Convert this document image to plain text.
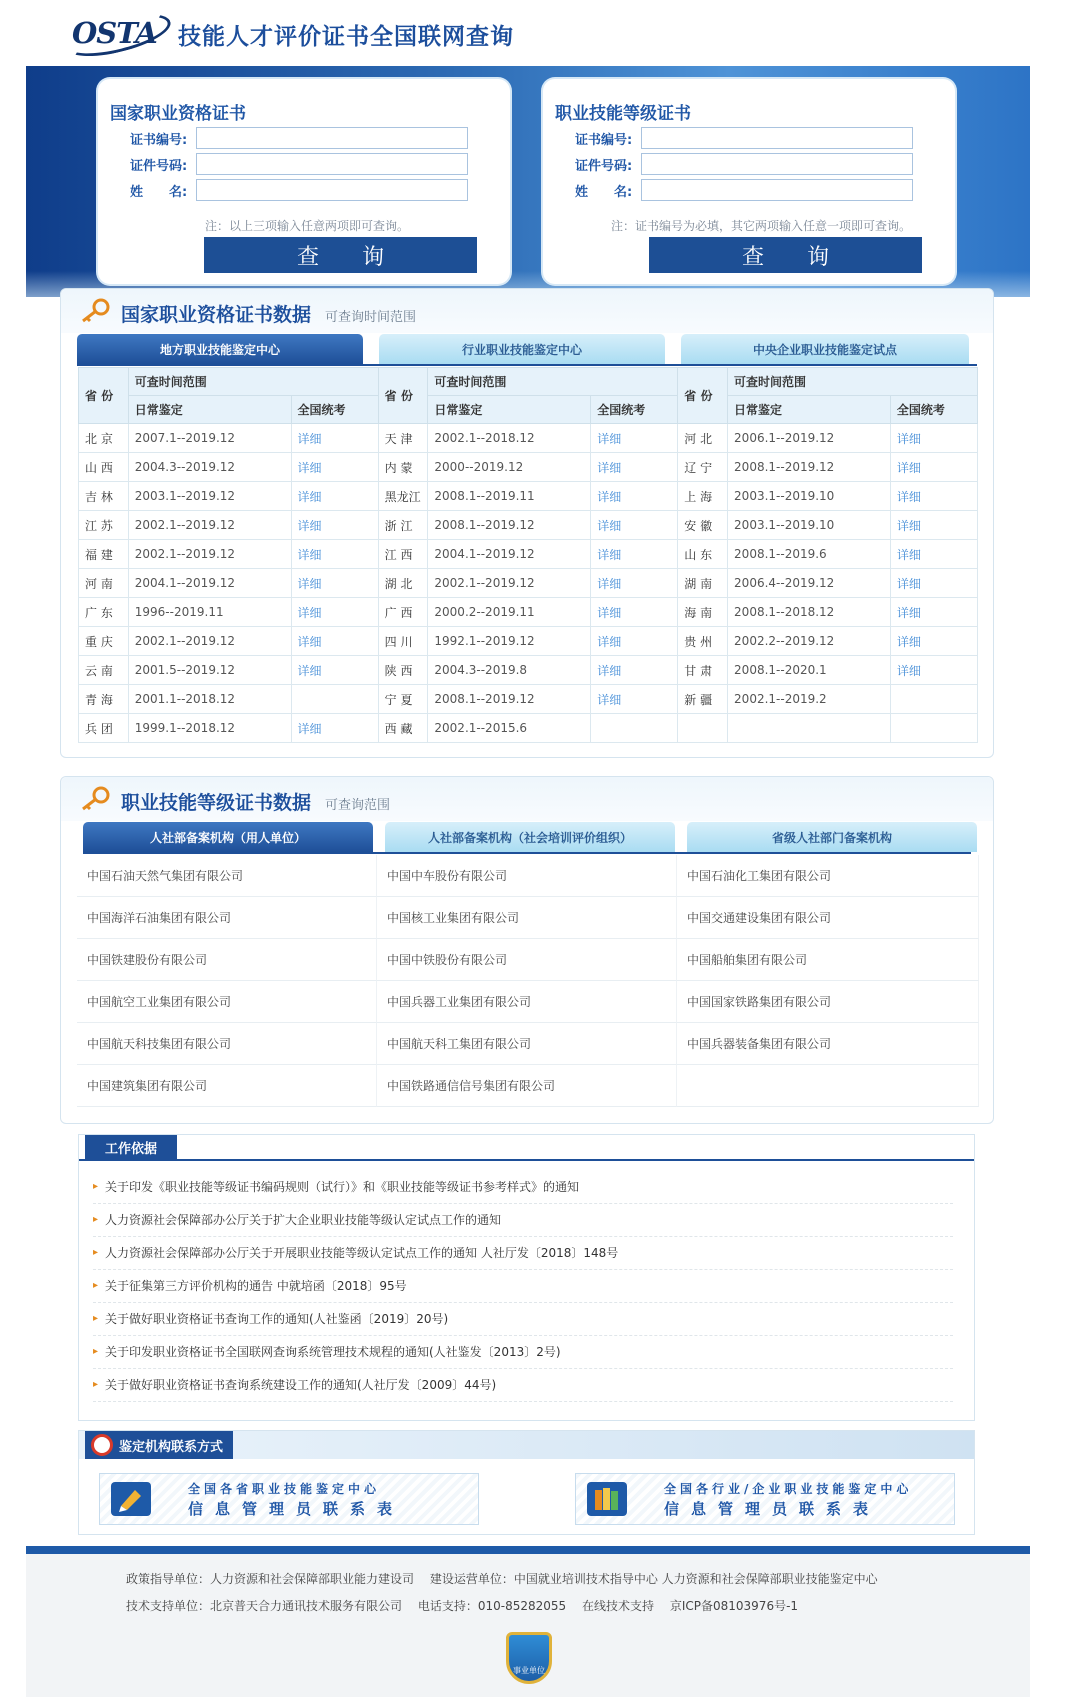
OSTA 技能人才评价证书全国联网查询
国家职业资格证书
证书编号:
证件号码:
姓　　名:
注：以上三项输入任意两项即可查询。
查 询
职业技能等级证书
证书编号:
证件号码:
姓　　名:
注：证书编号为必填，其它两项输入任意一项即可查询。
查 询
国家职业资格证书数据 可查询时间范围
地方职业技能鉴定中心	行业职业技能鉴定中心	中央企业职业技能鉴定试点
省 份	可查时间范围		省 份	可查时间范围		省 份	可查时间范围	
	日常鉴定	全国统考		日常鉴定	全国统考		日常鉴定	全国统考
北 京	2007.1--2019.12	详细	天 津	2002.1--2018.12	详细	河 北	2006.1--2019.12	详细
山 西	2004.3--2019.12	详细	内 蒙	2000--2019.12	详细	辽 宁	2008.1--2019.12	详细
吉 林	2003.1--2019.12	详细	黑龙江	2008.1--2019.11	详细	上 海	2003.1--2019.10	详细
江 苏	2002.1--2019.12	详细	浙 江	2008.1--2019.12	详细	安 徽	2003.1--2019.10	详细
福 建	2002.1--2019.12	详细	江 西	2004.1--2019.12	详细	山 东	2008.1--2019.6	详细
河 南	2004.1--2019.12	详细	湖 北	2002.1--2019.12	详细	湖 南	2006.4--2019.12	详细
广 东	1996--2019.11	详细	广 西	2000.2--2019.11	详细	海 南	2008.1--2018.12	详细
重 庆	2002.1--2019.12	详细	四 川	1992.1--2019.12	详细	贵 州	2002.2--2019.12	详细
云 南	2001.5--2019.12	详细	陕 西	2004.3--2019.8	详细	甘 肃	2008.1--2020.1	详细
青 海	2001.1--2018.12		宁 夏	2008.1--2019.12	详细	新 疆	2002.1--2019.2	
兵 团	1999.1--2018.12	详细	西 藏	2002.1--2015.6				
职业技能等级证书数据 可查询范围
人社部备案机构（用人单位）	人社部备案机构（社会培训评价组织）	省级人社部门备案机构
中国石油天然气集团有限公司	中国中车股份有限公司	中国石油化工集团有限公司
中国海洋石油集团有限公司	中国核工业集团有限公司	中国交通建设集团有限公司
中国铁建股份有限公司	中国中铁股份有限公司	中国船舶集团有限公司
中国航空工业集团有限公司	中国兵器工业集团有限公司	中国国家铁路集团有限公司
中国航天科技集团有限公司	中国航天科工集团有限公司	中国兵器装备集团有限公司
中国建筑集团有限公司	中国铁路通信信号集团有限公司
工作依据
▸ 关于印发《职业技能等级证书编码规则（试行）》和《职业技能等级证书参考样式》的通知
▸ 人力资源社会保障部办公厅关于扩大企业职业技能等级认定试点工作的通知
▸ 人力资源社会保障部办公厅关于开展职业技能等级认定试点工作的通知 人社厅发〔2018〕148号
▸ 关于征集第三方评价机构的通告 中就培函〔2018〕95号
▸ 关于做好职业资格证书查询工作的通知(人社鉴函〔2019〕20号)
▸ 关于印发职业资格证书全国联网查询系统管理技术规程的通知(人社鉴发〔2013〕2号)
▸ 关于做好职业资格证书查询系统建设工作的通知(人社厅发〔2009〕44号)
鉴定机构联系方式
全国各省职业技能鉴定中心
信息管理员联系表
全国各行业/企业职业技能鉴定中心
信息管理员联系表
政策指导单位：人力资源和社会保障部职业能力建设司 建设运营单位：中国就业培训技术指导中心 人力资源和社会保障部职业技能鉴定中心
技术支持单位：北京普天合力通讯技术服务有限公司 电话支持：010-85282055 在线技术支持 京ICP备08103976号-1
事业单位
